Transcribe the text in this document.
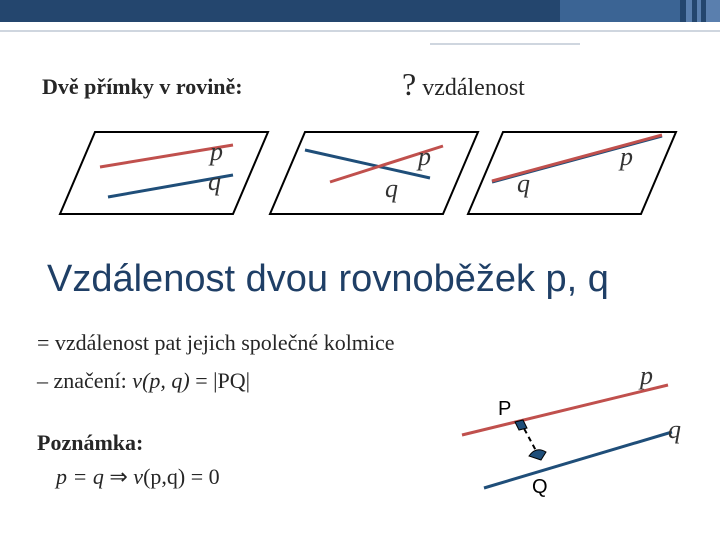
Dvě přímky v rovině:	? vzdálenost
p
q
p
q
p
q
Vzdálenost dvou rovnoběžek p, q
= vzdálenost pat jejich společné kolmice
– značení: v(p, q) = |PQ|
Poznámka:
p = q ⇒ v(p,q) = 0
p
q
P
Q
